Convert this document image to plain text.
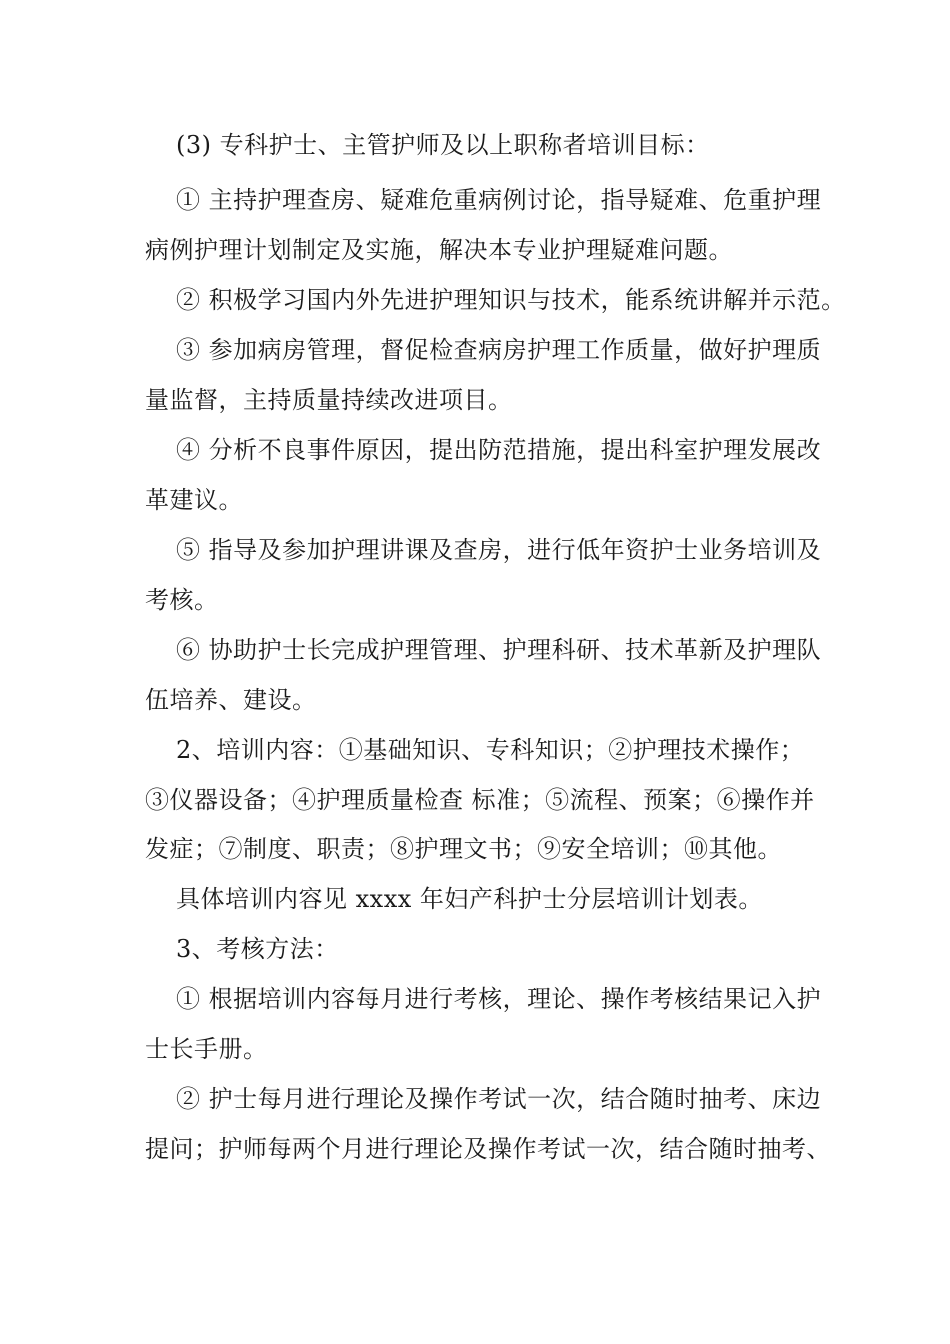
(3) 专科护士、主管护师及以上职称者培训目标：
① 主持护理查房、疑难危重病例讨论，指导疑难、危重护理
病例护理计划制定及实施，解决本专业护理疑难问题。
② 积极学习国内外先进护理知识与技术，能系统讲解并示范。
③ 参加病房管理，督促检查病房护理工作质量，做好护理质
量监督，主持质量持续改进项目。
④ 分析不良事件原因，提出防范措施，提出科室护理发展改
革建议。
⑤ 指导及参加护理讲课及查房，进行低年资护士业务培训及
考核。
⑥ 协助护士长完成护理管理、护理科研、技术革新及护理队
伍培养、建设。
2、培训内容：①基础知识、专科知识；②护理技术操作；
③仪器设备；④护理质量检查 标准；⑤流程、预案；⑥操作并
发症；⑦制度、职责；⑧护理文书；⑨安全培训；⑩其他。
具体培训内容见 xxxx 年妇产科护士分层培训计划表。
3、考核方法：
① 根据培训内容每月进行考核，理论、操作考核结果记入护
士长手册。
② 护士每月进行理论及操作考试一次，结合随时抽考、床边
提问；护师每两个月进行理论及操作考试一次，结合随时抽考、
